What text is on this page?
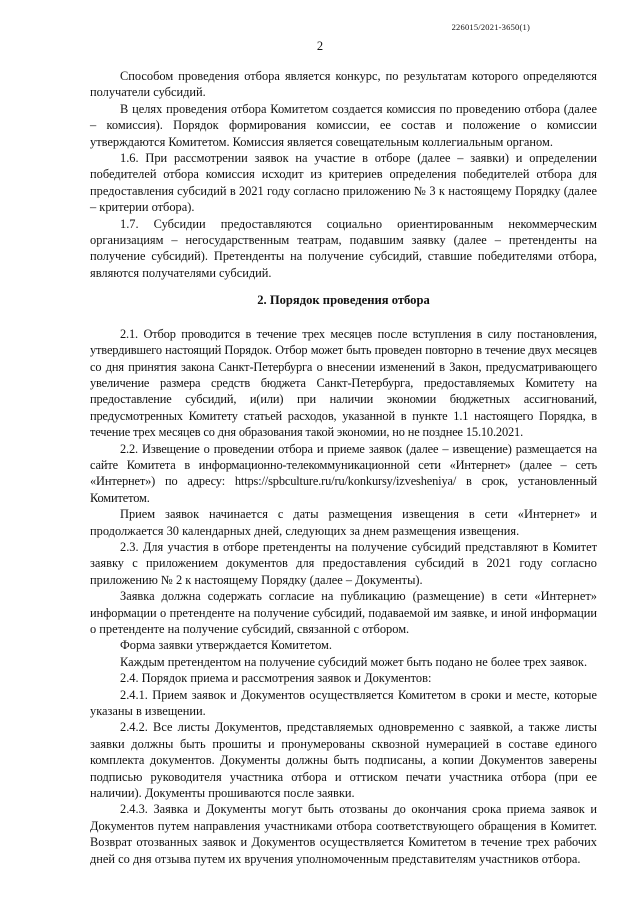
226015/2021-3650(1)
2

Способом проведения отбора является конкурс, по результатам которого определяются получатели субсидий.

В целях проведения отбора Комитетом создается комиссия по проведению отбора (далее – комиссия). Порядок формирования комиссии, ее состав и положение о комиссии утверждаются Комитетом. Комиссия является совещательным коллегиальным органом.

1.6. При рассмотрении заявок на участие в отборе (далее – заявки) и определении победителей отбора комиссия исходит из критериев определения победителей отбора для предоставления субсидий в 2021 году согласно приложению № 3 к настоящему Порядку (далее – критерии отбора).

1.7. Субсидии предоставляются социально ориентированным некоммерческим организациям – негосударственным театрам, подавшим заявку (далее – претенденты на получение субсидий). Претенденты на получение субсидий, ставшие победителями отбора, являются получателями субсидий.

2. Порядок проведения отбора

2.1. Отбор проводится в течение трех месяцев после вступления в силу постановления, утвердившего настоящий Порядок. Отбор может быть проведен повторно в течение двух месяцев со дня принятия закона Санкт-Петербурга о внесении изменений в Закон, предусматривающего увеличение размера средств бюджета Санкт-Петербурга, предоставляемых Комитету на предоставление субсидий, и(или) при наличии экономии бюджетных ассигнований, предусмотренных Комитету статьей расходов, указанной в пункте 1.1 настоящего Порядка, в течение трех месяцев со дня образования такой экономии, но не позднее 15.10.2021.

2.2. Извещение о проведении отбора и приеме заявок (далее – извещение) размещается на сайте Комитета в информационно-телекоммуникационной сети «Интернет» (далее – сеть «Интернет») по адресу: https://spbculture.ru/ru/konkursy/izvesheniya/ в срок, установленный Комитетом.

Прием заявок начинается с даты размещения извещения в сети «Интернет» и продолжается 30 календарных дней, следующих за днем размещения извещения.

2.3. Для участия в отборе претенденты на получение субсидий представляют в Комитет заявку с приложением документов для предоставления субсидий в 2021 году согласно приложению № 2 к настоящему Порядку (далее – Документы).

Заявка должна содержать согласие на публикацию (размещение) в сети «Интернет» информации о претенденте на получение субсидий, подаваемой им заявке, и иной информации о претенденте на получение субсидий, связанной с отбором.

Форма заявки утверждается Комитетом.

Каждым претендентом на получение субсидий может быть подано не более трех заявок.

2.4. Порядок приема и рассмотрения заявок и Документов:

2.4.1. Прием заявок и Документов осуществляется Комитетом в сроки и месте, которые указаны в извещении.

2.4.2. Все листы Документов, представляемых одновременно с заявкой, а также листы заявки должны быть прошиты и пронумерованы сквозной нумерацией в составе единого комплекта документов. Документы должны быть подписаны, а копии Документов заверены подписью руководителя участника отбора и оттиском печати участника отбора (при ее наличии). Документы прошиваются после заявки.

2.4.3. Заявка и Документы могут быть отозваны до окончания срока приема заявок и Документов путем направления участниками отбора соответствующего обращения в Комитет. Возврат отозванных заявок и Документов осуществляется Комитетом в течение трех рабочих дней со дня отзыва путем их вручения уполномоченным представителям участников отбора.
